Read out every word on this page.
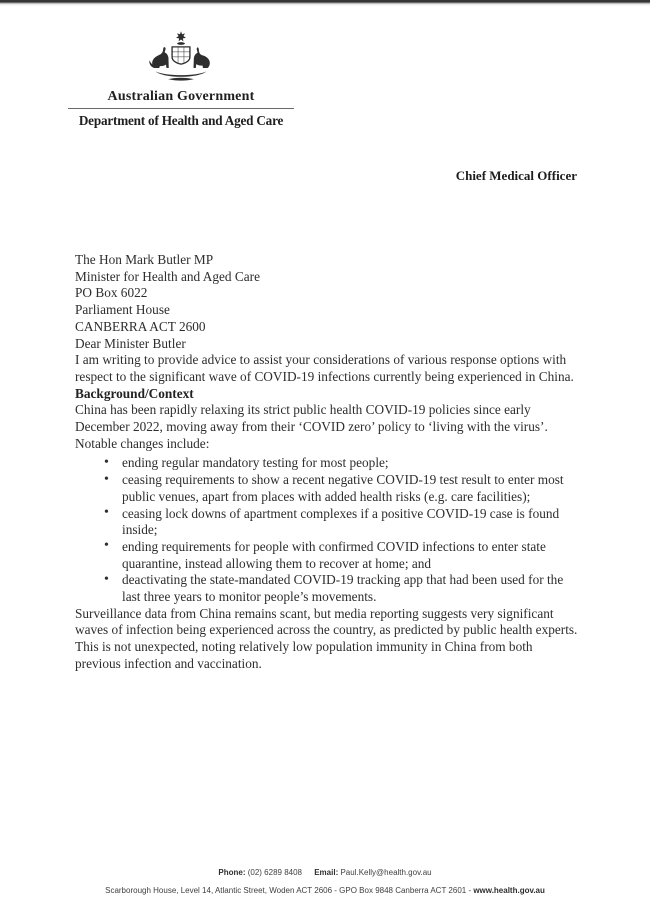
Australian Government
Department of Health and Aged Care
Chief Medical Officer
The Hon Mark Butler MP
Minister for Health and Aged Care
PO Box 6022
Parliament House
CANBERRA ACT 2600

Dear Minister Butler

I am writing to provide advice to assist your considerations of various response options with respect to the significant wave of COVID-19 infections currently being experienced in China.

Background/Context

China has been rapidly relaxing its strict public health COVID-19 policies since early December 2022, moving away from their ‘COVID zero’ policy to ‘living with the virus’. Notable changes include:

• ending regular mandatory testing for most people;
• ceasing requirements to show a recent negative COVID-19 test result to enter most public venues, apart from places with added health risks (e.g. care facilities);
• ceasing lock downs of apartment complexes if a positive COVID-19 case is found inside;
• ending requirements for people with confirmed COVID infections to enter state quarantine, instead allowing them to recover at home; and
• deactivating the state-mandated COVID-19 tracking app that had been used for the last three years to monitor people’s movements.

Surveillance data from China remains scant, but media reporting suggests very significant waves of infection being experienced across the country, as predicted by public health experts.  This is not unexpected, noting relatively low population immunity in China from both previous infection and vaccination.

Phone: (02) 6289 8408 Email: Paul.Kelly@health.gov.au
Scarborough House, Level 14, Atlantic Street, Woden ACT 2606 - GPO Box 9848 Canberra ACT 2601 - www.health.gov.au
